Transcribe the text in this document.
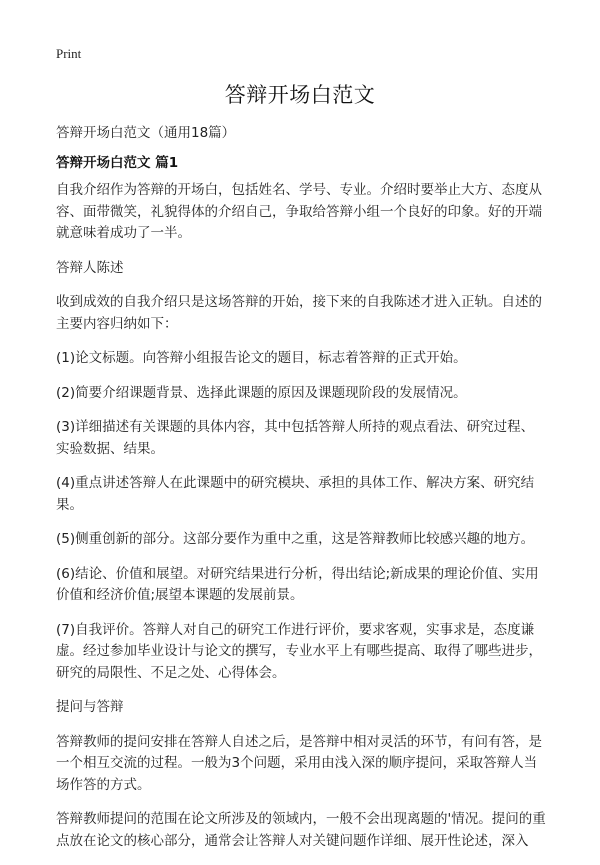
Print
答辩开场白范文

答辩开场白范文（通用18篇）

答辩开场白范文 篇1

自我介绍作为答辩的开场白，包括姓名、学号、专业。介绍时要举止大方、态度从容、面带微笑，礼貌得体的介绍自己，争取给答辩小组一个良好的印象。好的开端就意味着成功了一半。

答辩人陈述

收到成效的自我介绍只是这场答辩的开始，接下来的自我陈述才进入正轨。自述的主要内容归纳如下：

(1)论文标题。向答辩小组报告论文的题目，标志着答辩的正式开始。

(2)简要介绍课题背景、选择此课题的原因及课题现阶段的发展情况。

(3)详细描述有关课题的具体内容，其中包括答辩人所持的观点看法、研究过程、实验数据、结果。

(4)重点讲述答辩人在此课题中的研究模块、承担的具体工作、解决方案、研究结果。

(5)侧重创新的部分。这部分要作为重中之重，这是答辩教师比较感兴趣的地方。

(6)结论、价值和展望。对研究结果进行分析，得出结论;新成果的理论价值、实用价值和经济价值;展望本课题的发展前景。

(7)自我评价。答辩人对自己的研究工作进行评价，要求客观，实事求是，态度谦虚。经过参加毕业设计与论文的撰写，专业水平上有哪些提高、取得了哪些进步，研究的局限性、不足之处、心得体会。

提问与答辩

答辩教师的提问安排在答辩人自述之后，是答辩中相对灵活的环节，有问有答，是一个相互交流的过程。一般为3个问题，采用由浅入深的顺序提问，采取答辩人当场作答的方式。

答辩教师提问的范围在论文所涉及的领域内，一般不会出现离题的'情况。提问的重点放在论文的核心部分，通常会让答辩人对关键问题作详细、展开性论述，深入
